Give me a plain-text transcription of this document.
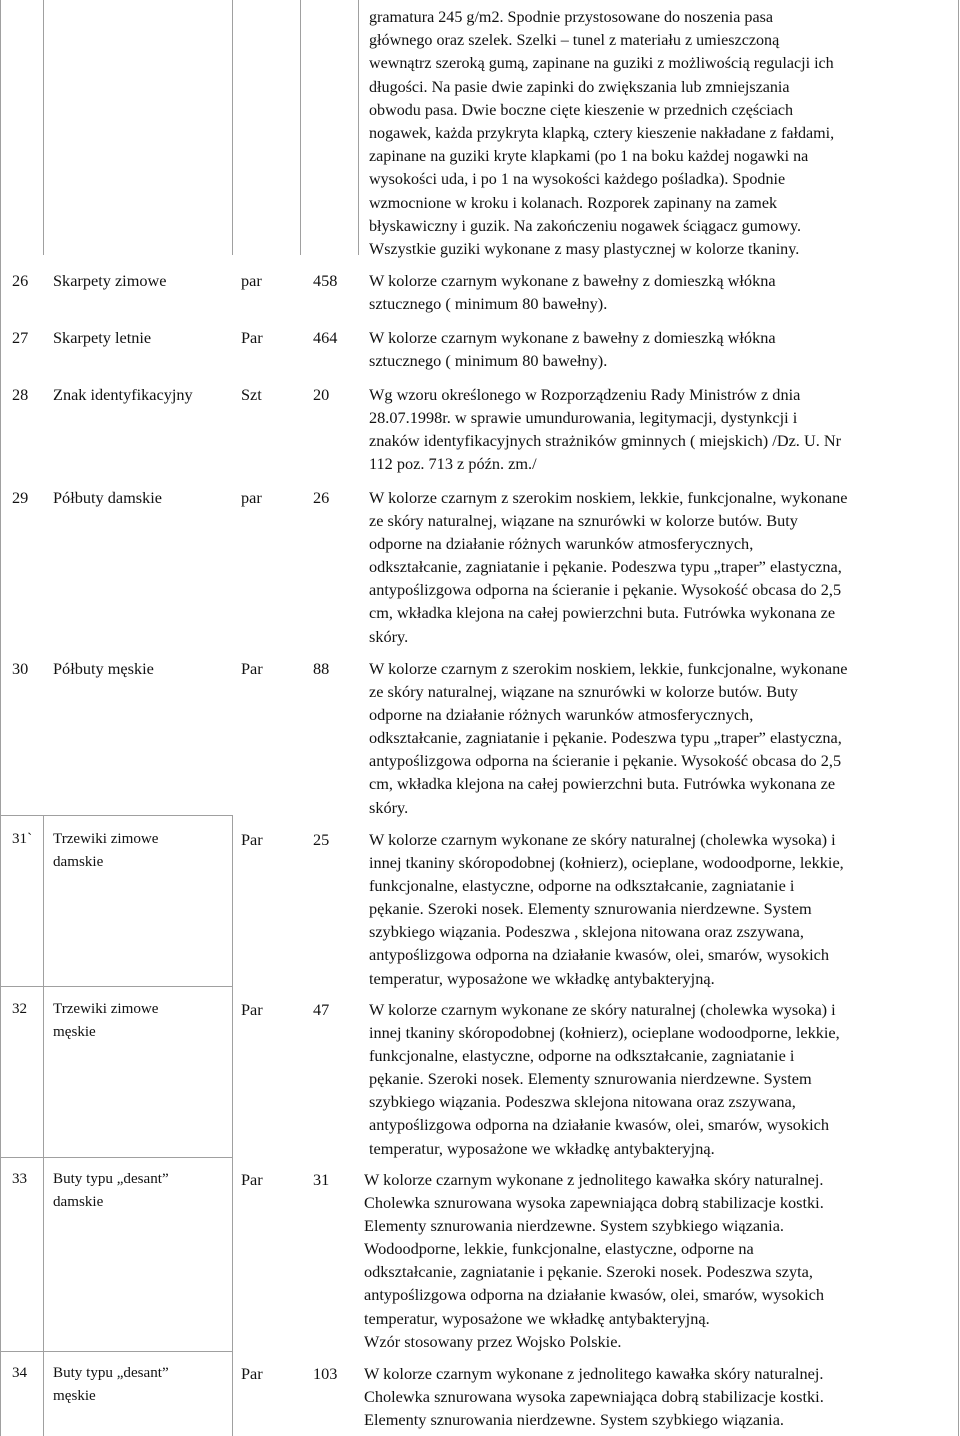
gramatura 245 g/m2. Spodnie przystosowane do noszenia pasa
głównego oraz szelek. Szelki – tunel z materiału z umieszczoną
wewnątrz szeroką gumą, zapinane na guziki z możliwością regulacji ich
długości. Na pasie dwie zapinki do zwiększania lub zmniejszania
obwodu pasa. Dwie boczne cięte kieszenie w przednich częściach
nogawek, każda przykryta klapką, cztery kieszenie nakładane z fałdami,
zapinane na guziki kryte klapkami (po 1 na boku każdej nogawki na
wysokości uda, i po 1 na wysokości każdego pośladka). Spodnie
wzmocnione w kroku i kolanach. Rozporek zapinany na zamek
błyskawiczny i guzik. Na zakończeniu nogawek ściągacz gumowy.
Wszystkie guziki wykonane z masy plastycznej w kolorze tkaniny.
26 Skarpety zimowe	par	458 W kolorze czarnym wykonane z bawełny z domieszką włókna
sztucznego ( minimum 80 bawełny).
27 Skarpety letnie	Par	464 W kolorze czarnym wykonane z bawełny z domieszką włókna
sztucznego ( minimum 80 bawełny).
28 Znak identyfikacyjny	Szt	20 Wg wzoru określonego w Rozporządzeniu Rady Ministrów z dnia
28.07.1998r. w sprawie umundurowania, legitymacji, dystynkcji i
znaków identyfikacyjnych strażników gminnych ( miejskich) /Dz. U. Nr
112 poz. 713 z późn. zm./
29 Półbuty damskie	par	26 W kolorze czarnym z szerokim noskiem, lekkie, funkcjonalne, wykonane
ze skóry naturalnej, wiązane na sznurówki w kolorze butów. Buty
odporne na działanie różnych warunków atmosferycznych,
odkształcanie, zagniatanie i pękanie. Podeszwa typu „traper” elastyczna,
antypoślizgowa odporna na ścieranie i pękanie. Wysokość obcasa do 2,5
cm, wkładka klejona na całej powierzchni buta. Futrówka wykonana ze
skóry.
30 Półbuty męskie	Par	88 W kolorze czarnym z szerokim noskiem, lekkie, funkcjonalne, wykonane
ze skóry naturalnej, wiązane na sznurówki w kolorze butów. Buty
odporne na działanie różnych warunków atmosferycznych,
odkształcanie, zagniatanie i pękanie. Podeszwa typu „traper” elastyczna,
antypoślizgowa odporna na ścieranie i pękanie. Wysokość obcasa do 2,5
cm, wkładka klejona na całej powierzchni buta. Futrówka wykonana ze
skóry.
31` Trzewiki zimowe
damskie
Par	25 W kolorze czarnym wykonane ze skóry naturalnej (cholewka wysoka) i
innej tkaniny skóropodobnej (kołnierz), ocieplane, wodoodporne, lekkie,
funkcjonalne, elastyczne, odporne na odkształcanie, zagniatanie i
pękanie. Szeroki nosek. Elementy sznurowania nierdzewne. System
szybkiego wiązania. Podeszwa , sklejona nitowana oraz zszywana,
antypoślizgowa odporna na działanie kwasów, olei, smarów, wysokich
temperatur, wyposażone we wkładkę antybakteryjną.
32 Trzewiki zimowe
męskie
Par	47 W kolorze czarnym wykonane ze skóry naturalnej (cholewka wysoka) i
innej tkaniny skóropodobnej (kołnierz), ocieplane wodoodporne, lekkie,
funkcjonalne, elastyczne, odporne na odkształcanie, zagniatanie i
pękanie. Szeroki nosek. Elementy sznurowania nierdzewne. System
szybkiego wiązania. Podeszwa sklejona nitowana oraz zszywana,
antypoślizgowa odporna na działanie kwasów, olei, smarów, wysokich
temperatur, wyposażone we wkładkę antybakteryjną.
33 Buty typu „desant”
damskie
Par	31 W kolorze czarnym wykonane z jednolitego kawałka skóry naturalnej.
Cholewka sznurowana wysoka zapewniająca dobrą stabilizacje kostki.
Elementy sznurowania nierdzewne. System szybkiego wiązania.
Wodoodporne, lekkie, funkcjonalne, elastyczne, odporne na
odkształcanie, zagniatanie i pękanie. Szeroki nosek. Podeszwa szyta,
antypoślizgowa odporna na działanie kwasów, olei, smarów, wysokich
temperatur, wyposażone we wkładkę antybakteryjną.
Wzór stosowany przez Wojsko Polskie.
34 Buty typu „desant”
męskie
Par	103 W kolorze czarnym wykonane z jednolitego kawałka skóry naturalnej.
Cholewka sznurowana wysoka zapewniająca dobrą stabilizacje kostki.
Elementy sznurowania nierdzewne. System szybkiego wiązania.
